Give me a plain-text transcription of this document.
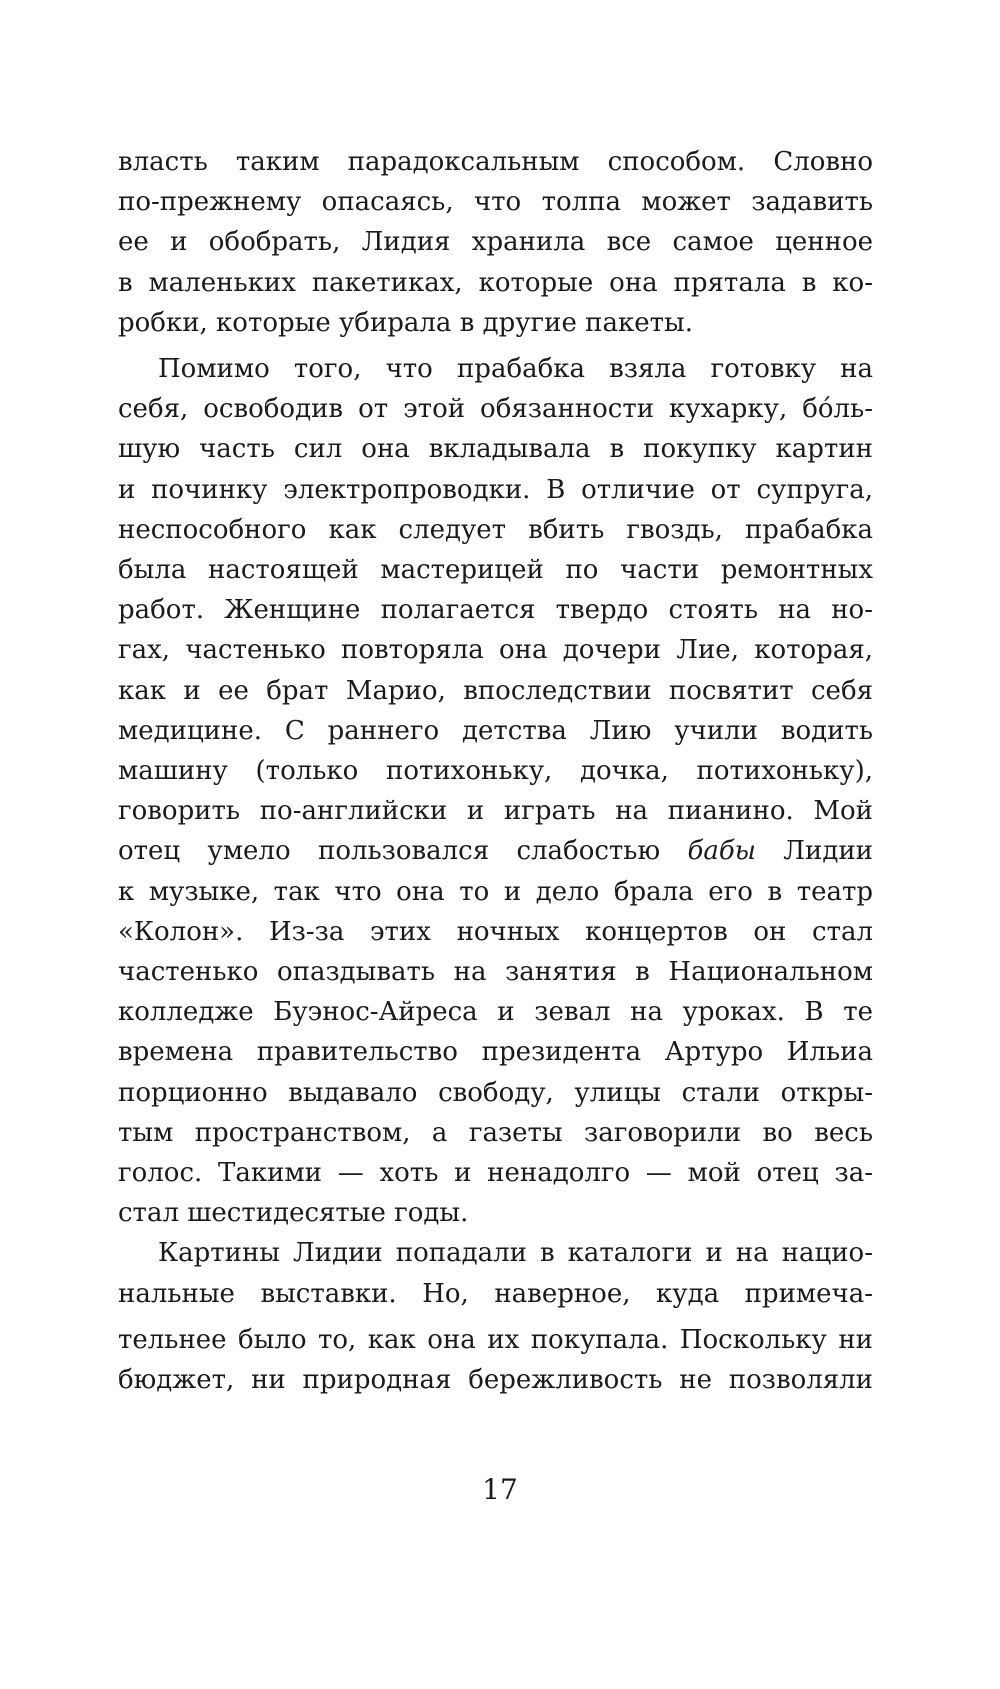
власть таким парадоксальным способом. Словно
по-прежнему опасаясь, что толпа может задавить
ее и обобрать, Лидия хранила все самое ценное
в маленьких пакетиках, которые она прятала в ко-
робки, которые убирала в другие пакеты.
Помимо того, что прабабка взяла готовку на
себя, освободив от этой обязанности кухарку, бóль-
шую часть сил она вкладывала в покупку картин
и починку электропроводки. В отличие от супруга,
неспособного как следует вбить гвоздь, прабабка
была настоящей мастерицей по части ремонтных
работ. Женщине полагается твердо стоять на но-
гах, частенько повторяла она дочери Лие, которая,
как и ее брат Марио, впоследствии посвятит себя
медицине. С раннего детства Лию учили водить
машину (только потихоньку, дочка, потихоньку),
говорить по-английски и играть на пианино. Мой
отец умело пользовался слабостью бабы Лидии
к музыке, так что она то и дело брала его в театр
«Колон». Из-за этих ночных концертов он стал
частенько опаздывать на занятия в Национальном
колледже Буэнос-Айреса и зевал на уроках. В те
времена правительство президента Артуро Ильиа
порционно выдавало свободу, улицы стали откры-
тым пространством, а газеты заговорили во весь
голос. Такими — хоть и ненадолго — мой отец за-
стал шестидесятые годы.
Картины Лидии попадали в каталоги и на нацио-
нальные выставки. Но, наверное, куда примеча-
тельнее было то, как она их покупала. Поскольку ни
бюджет, ни природная бережливость не позволяли
17
